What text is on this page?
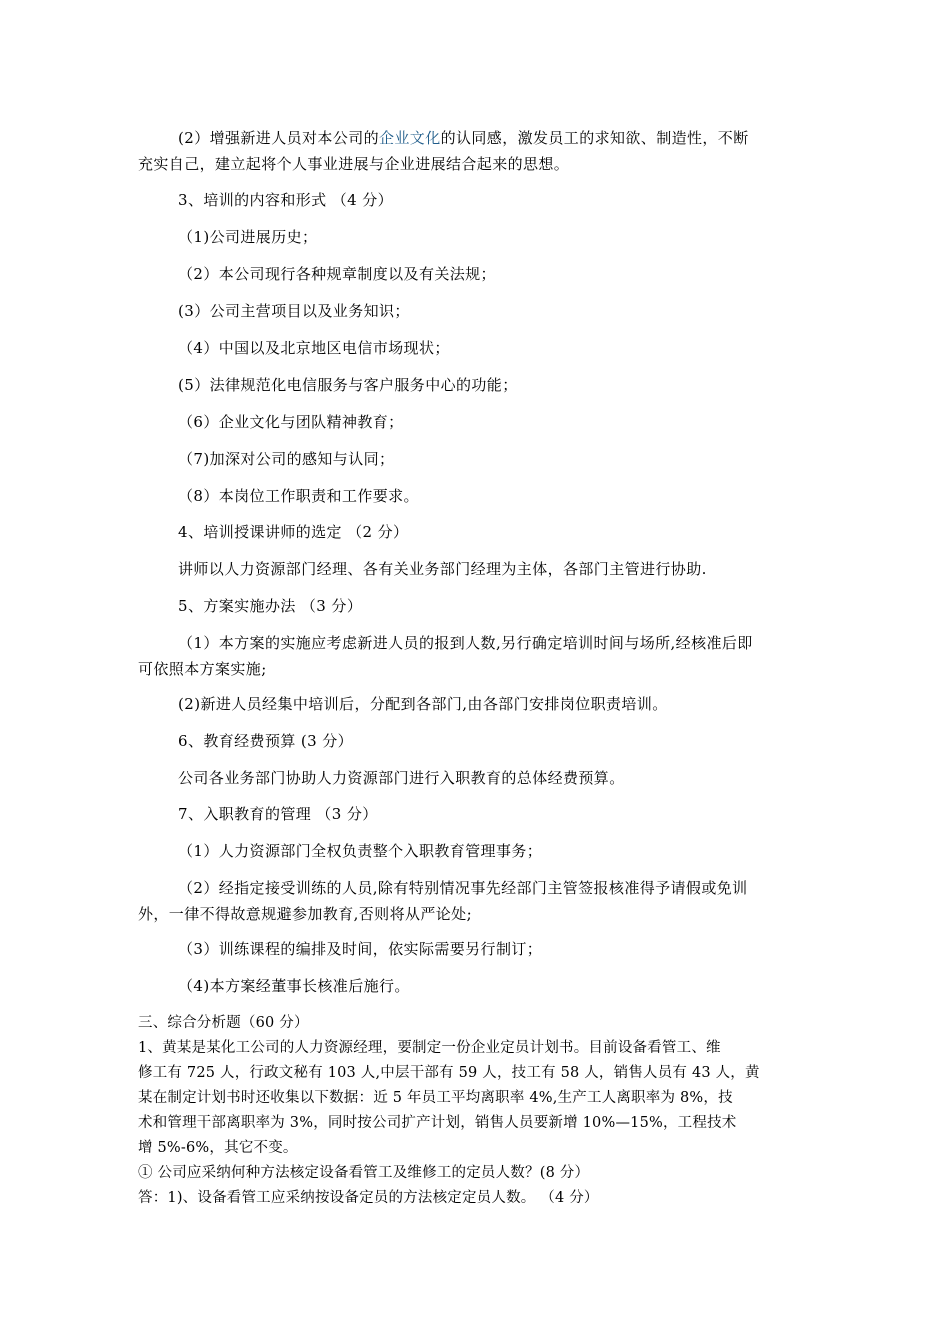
(2）增强新进人员对本公司的企业文化的认同感，激发员工的求知欲、制造性，不断
充实自己，建立起将个人事业进展与企业进展结合起来的思想。
3、培训的内容和形式 （4 分）
（1)公司进展历史；
（2）本公司现行各种规章制度以及有关法规；
(3）公司主营项目以及业务知识；
（4）中国以及北京地区电信市场现状；
(5）法律规范化电信服务与客户服务中心的功能；
（6）企业文化与团队精神教育；
（7)加深对公司的感知与认同；
（8）本岗位工作职责和工作要求。
4、培训授课讲师的选定 （2 分）
讲师以人力资源部门经理、各有关业务部门经理为主体，各部门主管进行协助.
5、方案实施办法 （3 分）
（1）本方案的实施应考虑新进人员的报到人数,另行确定培训时间与场所,经核准后即
可依照本方案实施;
(2)新进人员经集中培训后，分配到各部门,由各部门安排岗位职责培训。
6、教育经费预算 (3 分）
公司各业务部门协助人力资源部门进行入职教育的总体经费预算。
7、入职教育的管理 （3 分）
（1）人力资源部门全权负责整个入职教育管理事务；
（2）经指定接受训练的人员,除有特别情况事先经部门主管签报核准得予请假或免训
外，一律不得故意规避参加教育,否则将从严论处;
（3）训练课程的编排及时间，依实际需要另行制订；
（4)本方案经董事长核准后施行。
三、综合分析题（60 分）
1、黄某是某化工公司的人力资源经理，要制定一份企业定员计划书。目前设备看管工、维
修工有 725 人，行政文秘有 103 人,中层干部有 59 人，技工有 58 人，销售人员有 43 人，黄
某在制定计划书时还收集以下数据：近 5 年员工平均离职率 4%,生产工人离职率为 8%，技
术和管理干部离职率为 3%，同时按公司扩产计划，销售人员要新增 10%—15%，工程技术
增 5%-6%，其它不变。
① 公司应采纳何种方法核定设备看管工及维修工的定员人数？(8 分）
答：1)、设备看管工应采纳按设备定员的方法核定定员人数。 （4 分）
